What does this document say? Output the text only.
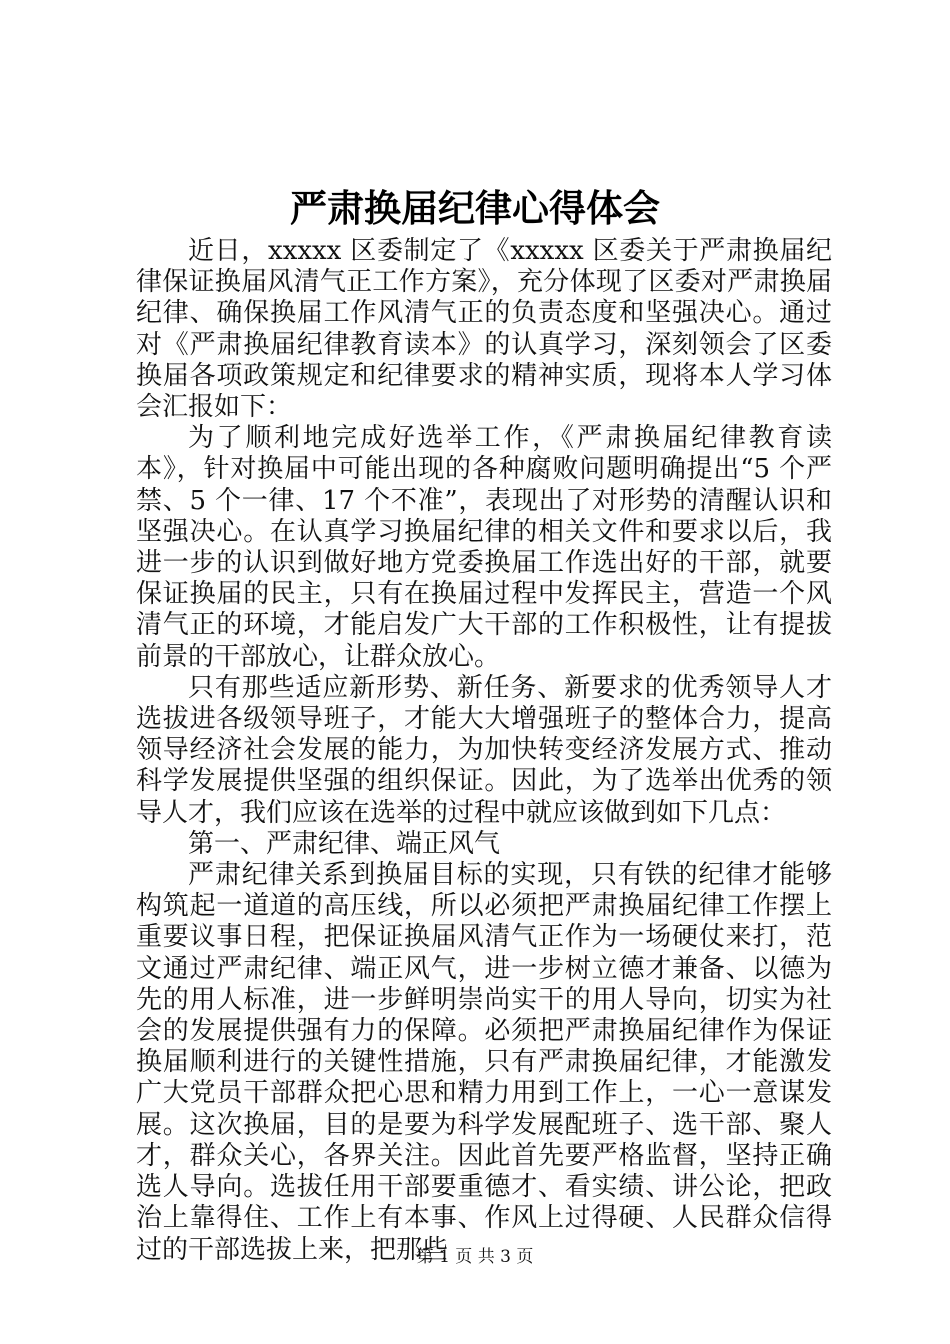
严肃换届纪律心得体会

近日，xxxxx 区委制定了《xxxxx 区委关于严肃换届纪律保证换届风清气正工作方案》，充分体现了区委对严肃换届纪律、确保换届工作风清气正的负责态度和坚强决心。通过对《严肃换届纪律教育读本》的认真学习，深刻领会了区委换届各项政策规定和纪律要求的精神实质，现将本人学习体会汇报如下：

为了顺利地完成好选举工作，《严肃换届纪律教育读本》，针对换届中可能出现的各种腐败问题明确提出“5 个严禁、5 个一律、17 个不准”，表现出了对形势的清醒认识和坚强决心。在认真学习换届纪律的相关文件和要求以后，我进一步的认识到做好地方党委换届工作选出好的干部，就要保证换届的民主，只有在换届过程中发挥民主，营造一个风清气正的环境，才能启发广大干部的工作积极性，让有提拔前景的干部放心，让群众放心。

只有那些适应新形势、新任务、新要求的优秀领导人才选拔进各级领导班子，才能大大增强班子的整体合力，提高领导经济社会发展的能力，为加快转变经济发展方式、推动科学发展提供坚强的组织保证。因此，为了选举出优秀的领导人才，我们应该在选举的过程中就应该做到如下几点：

第一、严肃纪律、端正风气

严肃纪律关系到换届目标的实现，只有铁的纪律才能够构筑起一道道的高压线，所以必须把严肃换届纪律工作摆上重要议事日程，把保证换届风清气正作为一场硬仗来打，范文通过严肃纪律、端正风气，进一步树立德才兼备、以德为先的用人标准，进一步鲜明崇尚实干的用人导向，切实为社会的发展提供强有力的保障。必须把严肃换届纪律作为保证换届顺利进行的关键性措施，只有严肃换届纪律，才能激发广大党员干部群众把心思和精力用到工作上，一心一意谋发展。这次换届，目的是要为科学发展配班子、选干部、聚人才，群众关心，各界关注。因此首先要严格监督，坚持正确选人导向。选拔任用干部要重德才、看实绩、讲公论，把政治上靠得住、工作上有本事、作风上过得硬、人民群众信得过的干部选拔上来，把那些

第 1 页 共 3 页
